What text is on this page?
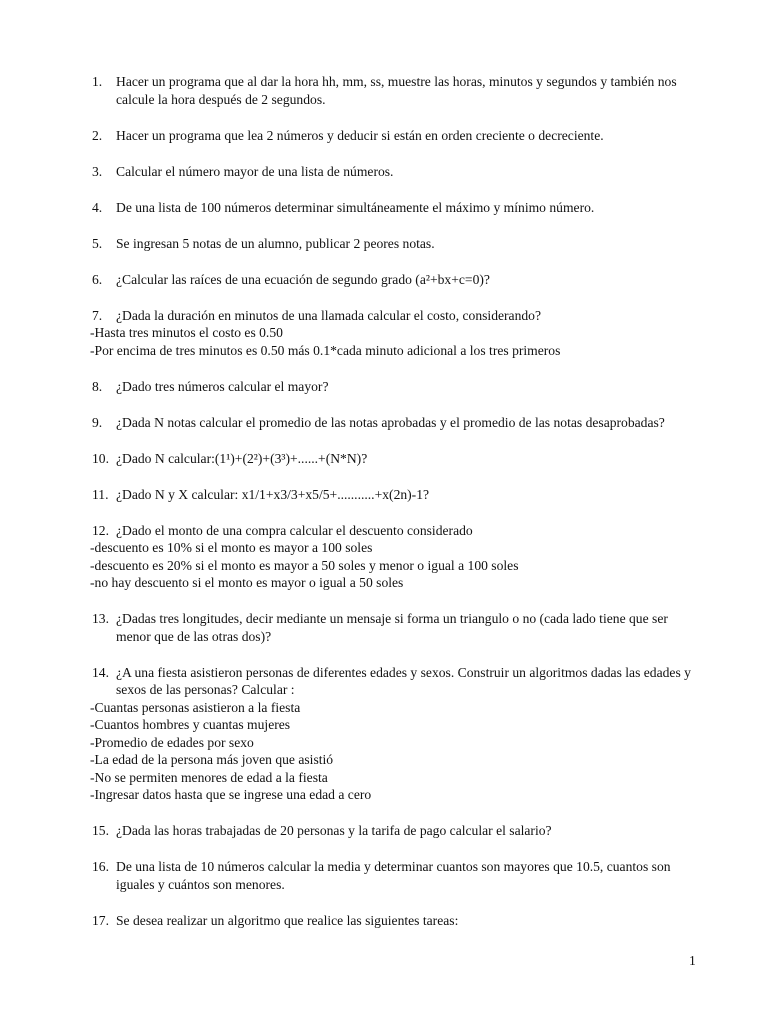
1. Hacer un programa que al dar la hora hh, mm, ss, muestre las horas, minutos y segundos y también nos calcule la hora después de 2 segundos.
2. Hacer un programa que lea 2 números y deducir si están en orden creciente o decreciente.
3. Calcular el número mayor de una lista de números.
4. De una lista de 100 números determinar simultáneamente el máximo y mínimo número.
5. Se ingresan 5 notas de un alumno, publicar 2 peores notas.
6. ¿Calcular las raíces de una ecuación de segundo grado (a²+bx+c=0)?
7. ¿Dada la duración en minutos de una llamada calcular el costo, considerando?
-Hasta tres minutos el costo es 0.50
-Por encima de tres minutos es 0.50 más 0.1*cada minuto adicional a los tres primeros
8. ¿Dado tres números calcular el mayor?
9. ¿Dada N notas calcular el promedio de las notas aprobadas y el promedio de las notas desaprobadas?
10. ¿Dado N calcular:(1¹)+(2²)+(3³)+......+(N*N)?
11. ¿Dado N y X calcular: x1/1+x3/3+x5/5+...........+x(2n)-1?
12. ¿Dado el monto de una compra calcular el descuento considerado
-descuento es 10% si el monto es mayor a 100 soles
-descuento es 20% si el monto es mayor a 50 soles y menor o igual a 100 soles
-no hay descuento si el monto es mayor o igual a 50 soles
13. ¿Dadas tres longitudes, decir mediante un mensaje si forma un triangulo o no (cada lado tiene que ser menor que de las otras dos)?
14. ¿A una fiesta asistieron personas de diferentes edades y sexos. Construir un algoritmos dadas las edades y sexos de las personas? Calcular :
-Cuantas personas asistieron a la fiesta
-Cuantos hombres y cuantas mujeres
-Promedio de edades por sexo
-La edad de la persona más joven que asistió
-No se permiten menores de edad a la fiesta
-Ingresar datos hasta que se ingrese una edad a cero
15. ¿Dada las horas trabajadas de 20 personas y la tarifa de pago calcular el salario?
16. De una lista de 10 números calcular la media y determinar cuantos son mayores que 10.5, cuantos son iguales y cuántos son menores.
17. Se desea realizar un algoritmo que realice las siguientes tareas:
1
